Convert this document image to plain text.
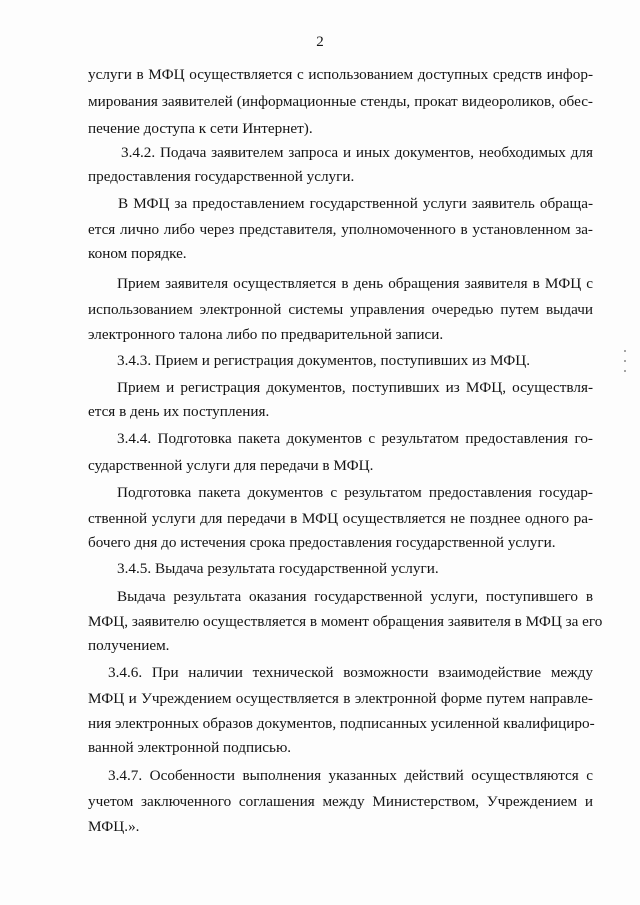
2
услуги в МФЦ осуществляется с использованием доступных средств инфор-
мирования заявителей (информационные стенды, прокат видеороликов, обес-
печение доступа к сети Интернет).
3.4.2. Подача заявителем запроса и иных документов, необходимых для
предоставления государственной услуги.
В МФЦ за предоставлением государственной услуги заявитель обраща-
ется лично либо через представителя, уполномоченного в установленном за-
коном порядке.
Прием заявителя осуществляется в день обращения заявителя в МФЦ с
использованием электронной системы управления очередью путем выдачи
электронного талона либо по предварительной записи.
3.4.3. Прием и регистрация документов, поступивших из МФЦ.
Прием и регистрация документов, поступивших из МФЦ, осуществля-
ется в день их поступления.
3.4.4. Подготовка пакета документов с результатом предоставления го-
сударственной услуги для передачи в МФЦ.
Подготовка пакета документов с результатом предоставления государ-
ственной услуги для передачи в МФЦ осуществляется не позднее одного ра-
бочего дня до истечения срока предоставления государственной услуги.
3.4.5. Выдача результата государственной услуги.
Выдача результата оказания государственной услуги, поступившего в
МФЦ, заявителю осуществляется в момент обращения заявителя в МФЦ за его
получением.
3.4.6. При наличии технической возможности взаимодействие между
МФЦ и Учреждением осуществляется в электронной форме путем направле-
ния электронных образов документов, подписанных усиленной квалифициро-
ванной электронной подписью.
3.4.7. Особенности выполнения указанных действий осуществляются с
учетом заключенного соглашения между Министерством, Учреждением и
МФЦ.».
